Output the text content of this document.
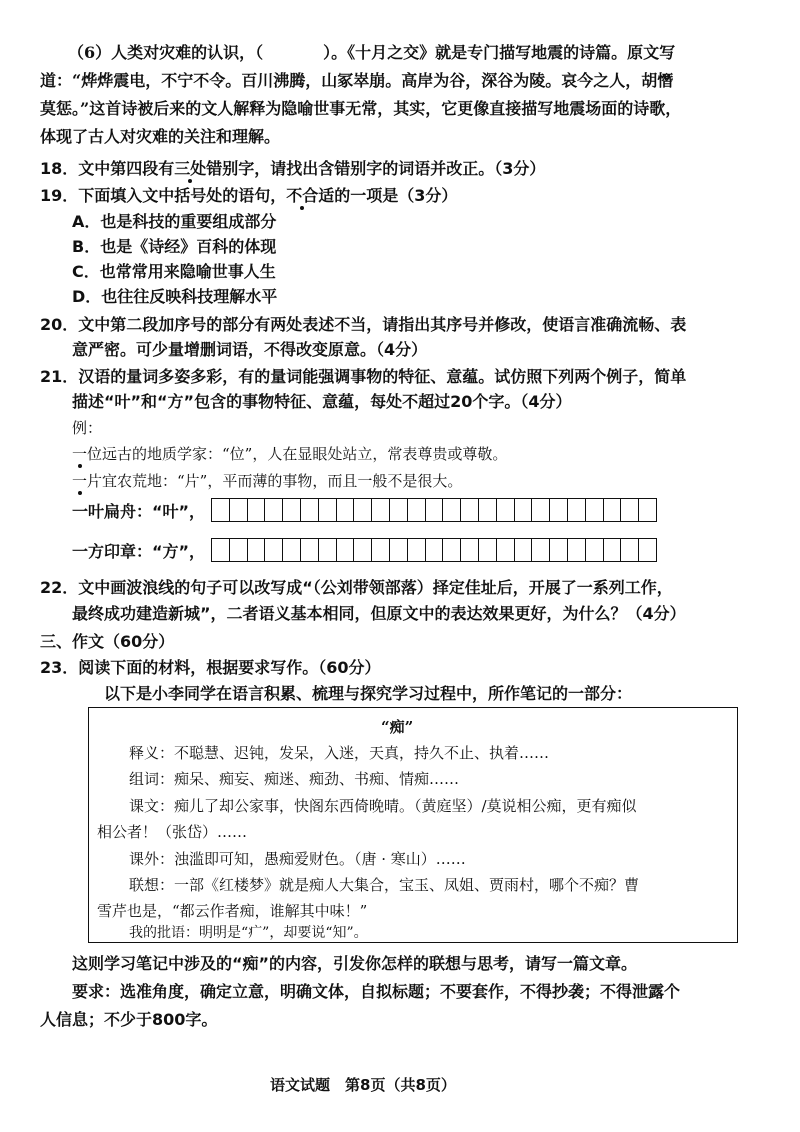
（6）人类对灾难的认识，（	）。《十月之交》就是专门描写地震的诗篇。原文写
道：“烨烨震电，不宁不令。百川沸腾，山冢崒崩。高岸为谷，深谷为陵。哀今之人，胡憯
莫惩。”这首诗被后来的文人解释为隐喻世事无常，其实，它更像直接描写地震场面的诗歌，
体现了古人对灾难的关注和理解。
18．文中第四段有三处错别字，请找出含错别字的词语并改正。（3分）
19．下面填入文中括号处的语句，不合适的一项是（3分）
A．也是科技的重要组成部分
B．也是《诗经》百科的体现
C．也常常用来隐喻世事人生
D．也往往反映科技理解水平
20．文中第二段加序号的部分有两处表述不当，请指出其序号并修改，使语言准确流畅、表
意严密。可少量增删词语，不得改变原意。（4分）
21．汉语的量词多姿多彩，有的量词能强调事物的特征、意蕴。试仿照下列两个例子，简单
描述“叶”和“方”包含的事物特征、意蕴，每处不超过20个字。（4分）
例：
一位远古的地质学家：“位”，人在显眼处站立，常表尊贵或尊敬。
一片宜农荒地：“片”，平而薄的事物，而且一般不是很大。
一叶扁舟：“叶”，
一方印章：“方”，
22．文中画波浪线的句子可以改写成“（公刘带领部落）择定佳址后，开展了一系列工作，
最终成功建造新城”，二者语义基本相同，但原文中的表达效果更好，为什么？（4分）
三、作文（60分）
23．阅读下面的材料，根据要求写作。（60分）
以下是小李同学在语言积累、梳理与探究学习过程中，所作笔记的一部分：
“痴”
释义：不聪慧、迟钝，发呆，入迷，天真，持久不止、执着……
组词：痴呆、痴妄、痴迷、痴劲、书痴、情痴……
课文：痴儿了却公家事，快阁东西倚晚晴。（黄庭坚）/莫说相公痴，更有痴似
相公者！（张岱）……
课外：浊滥即可知，愚痴爱财色。（唐 · 寒山）……
联想：一部《红楼梦》就是痴人大集合，宝玉、凤姐、贾雨村，哪个不痴？曹
雪芹也是，“都云作者痴，谁解其中味！”
我的批语：明明是“疒”，却要说“知”。
这则学习笔记中涉及的“痴”的内容，引发你怎样的联想与思考，请写一篇文章。
要求：选准角度，确定立意，明确文体，自拟标题；不要套作，不得抄袭；不得泄露个
人信息；不少于800字。
语文试题　第8页（共8页）
